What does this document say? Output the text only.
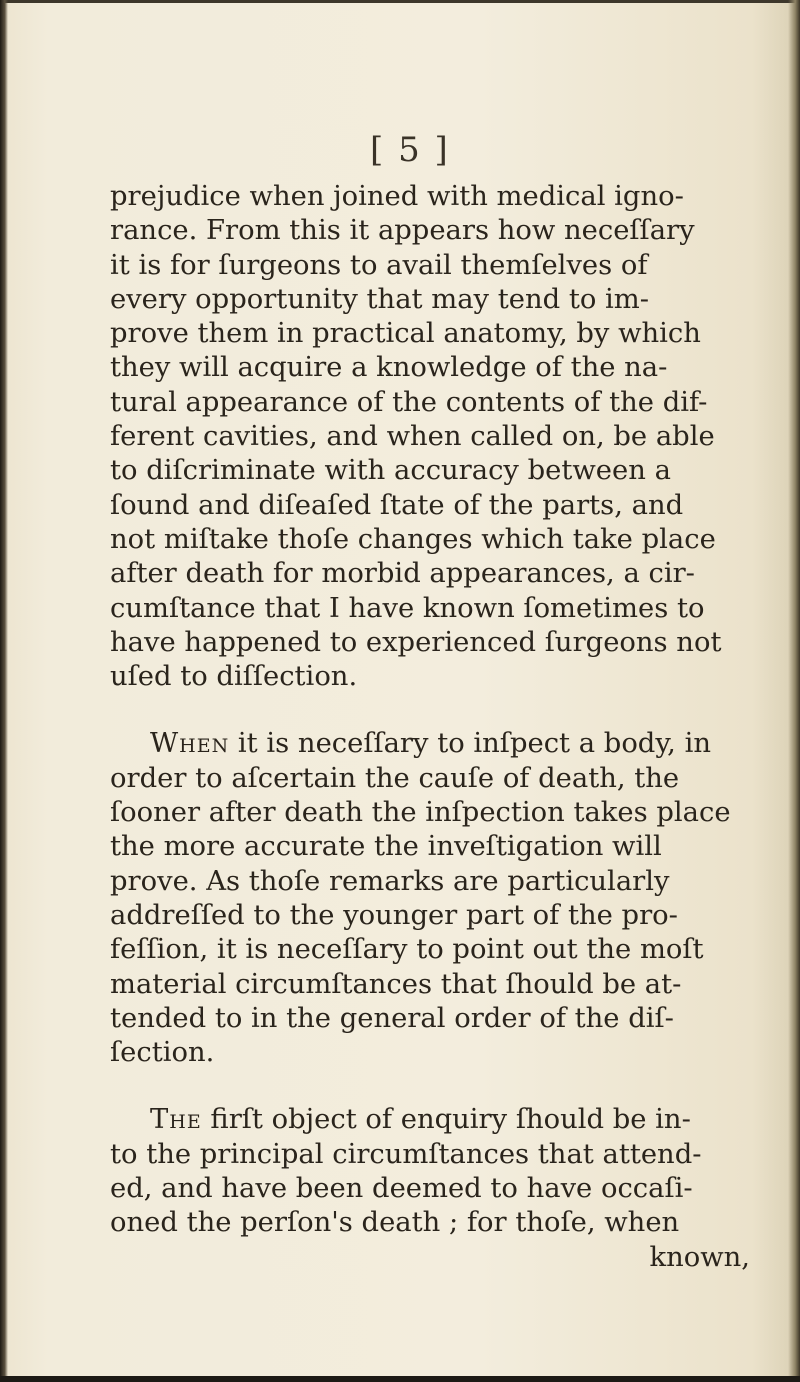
[ 5 ]
prejudice when joined with medical igno-
rance. From this it appears how neceſſary
it is for ſurgeons to avail themſelves of
every opportunity that may tend to im-
prove them in practical anatomy, by which
they will acquire a knowledge of the na-
tural appearance of the contents of the dif-
ferent cavities, and when called on, be able
to diſcriminate with accuracy between a
ſound and diſeaſed ſtate of the parts, and
not miſtake thoſe changes which take place
after death for morbid appearances, a cir-
cumſtance that I have known ſometimes to
have happened to experienced ſurgeons not
uſed to diſſection.
When it is neceſſary to inſpect a body, in
order to aſcertain the cauſe of death, the
ſooner after death the inſpection takes place
the more accurate the inveſtigation will
prove. As thoſe remarks are particularly
addreſſed to the younger part of the pro-
feſſion, it is neceſſary to point out the moſt
material circumſtances that ſhould be at-
tended to in the general order of the diſ-
ſection.
The firſt object of enquiry ſhould be in-
to the principal circumſtances that attend-
ed, and have been deemed to have occaſi-
oned the perſon's death ; for thoſe, when
known,
